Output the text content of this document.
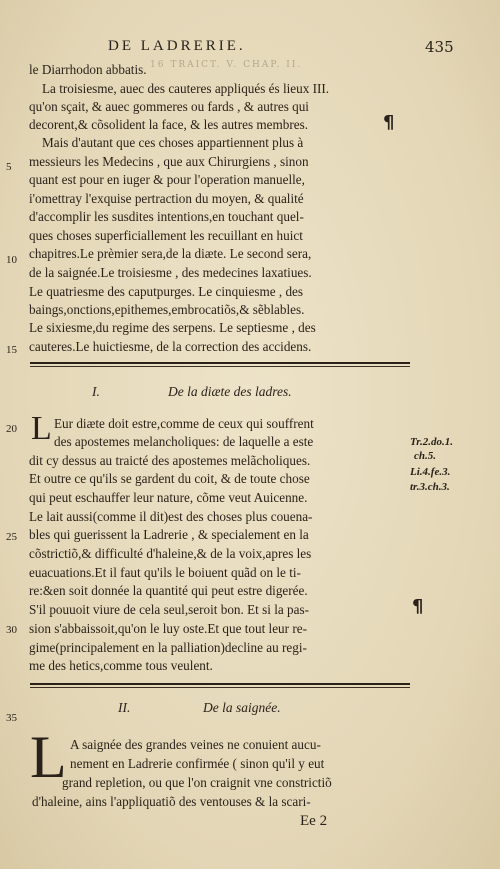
DE LADRERIE.	435
16 TRAICT. V. CHAP. II.
le Diarrhodon abbatis.
La troisiesme, auec des cauteres appliqués és lieux III.
qu'on sçait, & auec gommeres ou fards , & autres qui
decorent,& cõsolident la face, & les autres membres.	¶
Mais d'autant que ces choses appartiennent plus à
messieurs les Medecins , que aux Chirurgiens , sinon
quant est pour en iuger & pour l'operation manuelle,
i'omettray l'exquise pertraction du moyen, & qualité
d'accomplir les susdites intentions,en touchant quel-
ques choses superficiallement les recuillant en huict
chapitres.Le prèmier sera,de la diæte. Le second sera,
de la saignée.Le troisiesme , des medecines laxatiues.
Le quatriesme des caputpurges. Le cinquiesme , des
baings,onctions,epithemes,embrocatiõs,& sẽblables.
Le sixiesme,du regime des serpens. Le septiesme , des
cauteres.Le huictiesme, de la correction des accidens.
5
10
15
I.	De la diæte des ladres.
L Eur diæte doit estre,comme de ceux qui souffrent
des apostemes melancholiques: de laquelle a este
dit cy dessus au traicté des apostemes melãcholiques.
Et outre ce qu'ils se gardent du coit, & de toute chose
qui peut eschauffer leur nature, cõme veut Auicenne.
Le lait aussi(comme il dit)est des choses plus couena-
bles qui guerissent la Ladrerie , & specialement en la
cõstrictiõ,& difficulté d'haleine,& de la voix,apres les
euacuations.Et il faut qu'ils le boiuent quãd on le ti-
re:&en soit donnée la quantité qui peut estre digerée.
S'il pouuoit viure de cela seul,seroit bon. Et si la pas-
sion s'abbaissoit,qu'on le luy oste.Et que tout leur re-
gime(principalement en la palliation)decline au regi-
me des hetics,comme tous veulent.
20
25
30
35
Tr.2.do.1.
ch.5.
Li.4.fe.3.
tr.3.ch.3.
¶
II.	De la saignée.
L A saignée des grandes veines ne conuient aucu-
nement en Ladrerie confirmée ( sinon qu'il y eut
grand repletion, ou que l'on craignit vne constrictiõ
d'haleine, ains l'appliquatiõ des ventouses & la scari-
Ee 2
